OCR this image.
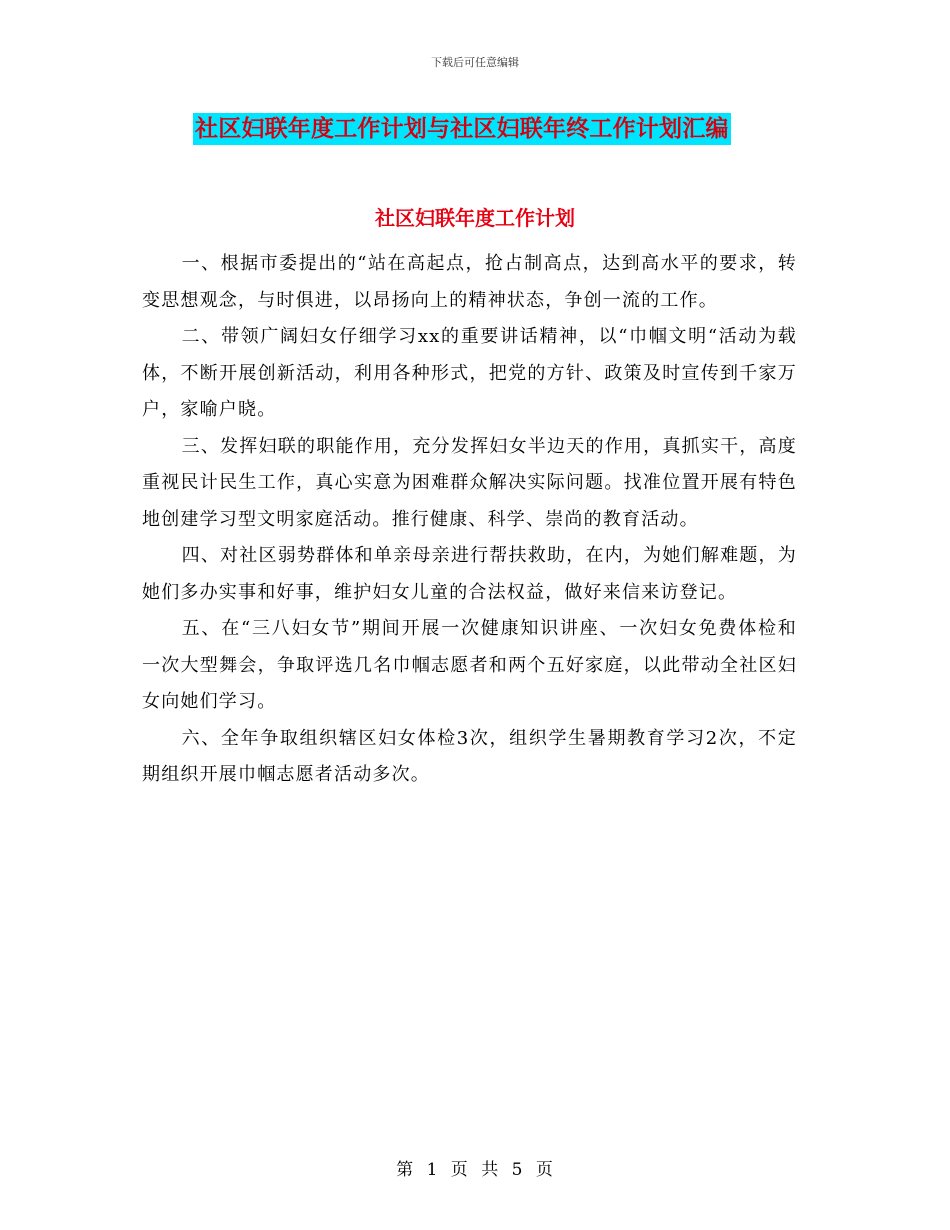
下载后可任意编辑
社区妇联年度工作计划与社区妇联年终工作计划汇编
社区妇联年度工作计划

一、根据市委提出的“站在高起点，抢占制高点，达到高水平的要求，转变思想观念，与时俱进，以昂扬向上的精神状态，争创一流的工作。

二、带领广阔妇女仔细学习xx的重要讲话精神，以“巾帼文明“活动为载体，不断开展创新活动，利用各种形式，把党的方针、政策及时宣传到千家万户，家喻户晓。

三、发挥妇联的职能作用，充分发挥妇女半边天的作用，真抓实干，高度重视民计民生工作，真心实意为困难群众解决实际问题。找准位置开展有特色地创建学习型文明家庭活动。推行健康、科学、崇尚的教育活动。

四、对社区弱势群体和单亲母亲进行帮扶救助，在内，为她们解难题，为她们多办实事和好事，维护妇女儿童的合法权益，做好来信来访登记。

五、在“三八妇女节”期间开展一次健康知识讲座、一次妇女免费体检和一次大型舞会，争取评选几名巾帼志愿者和两个五好家庭，以此带动全社区妇女向她们学习。

六、全年争取组织辖区妇女体检3次，组织学生暑期教育学习2次，不定期组织开展巾帼志愿者活动多次。

第 1 页 共 5 页
